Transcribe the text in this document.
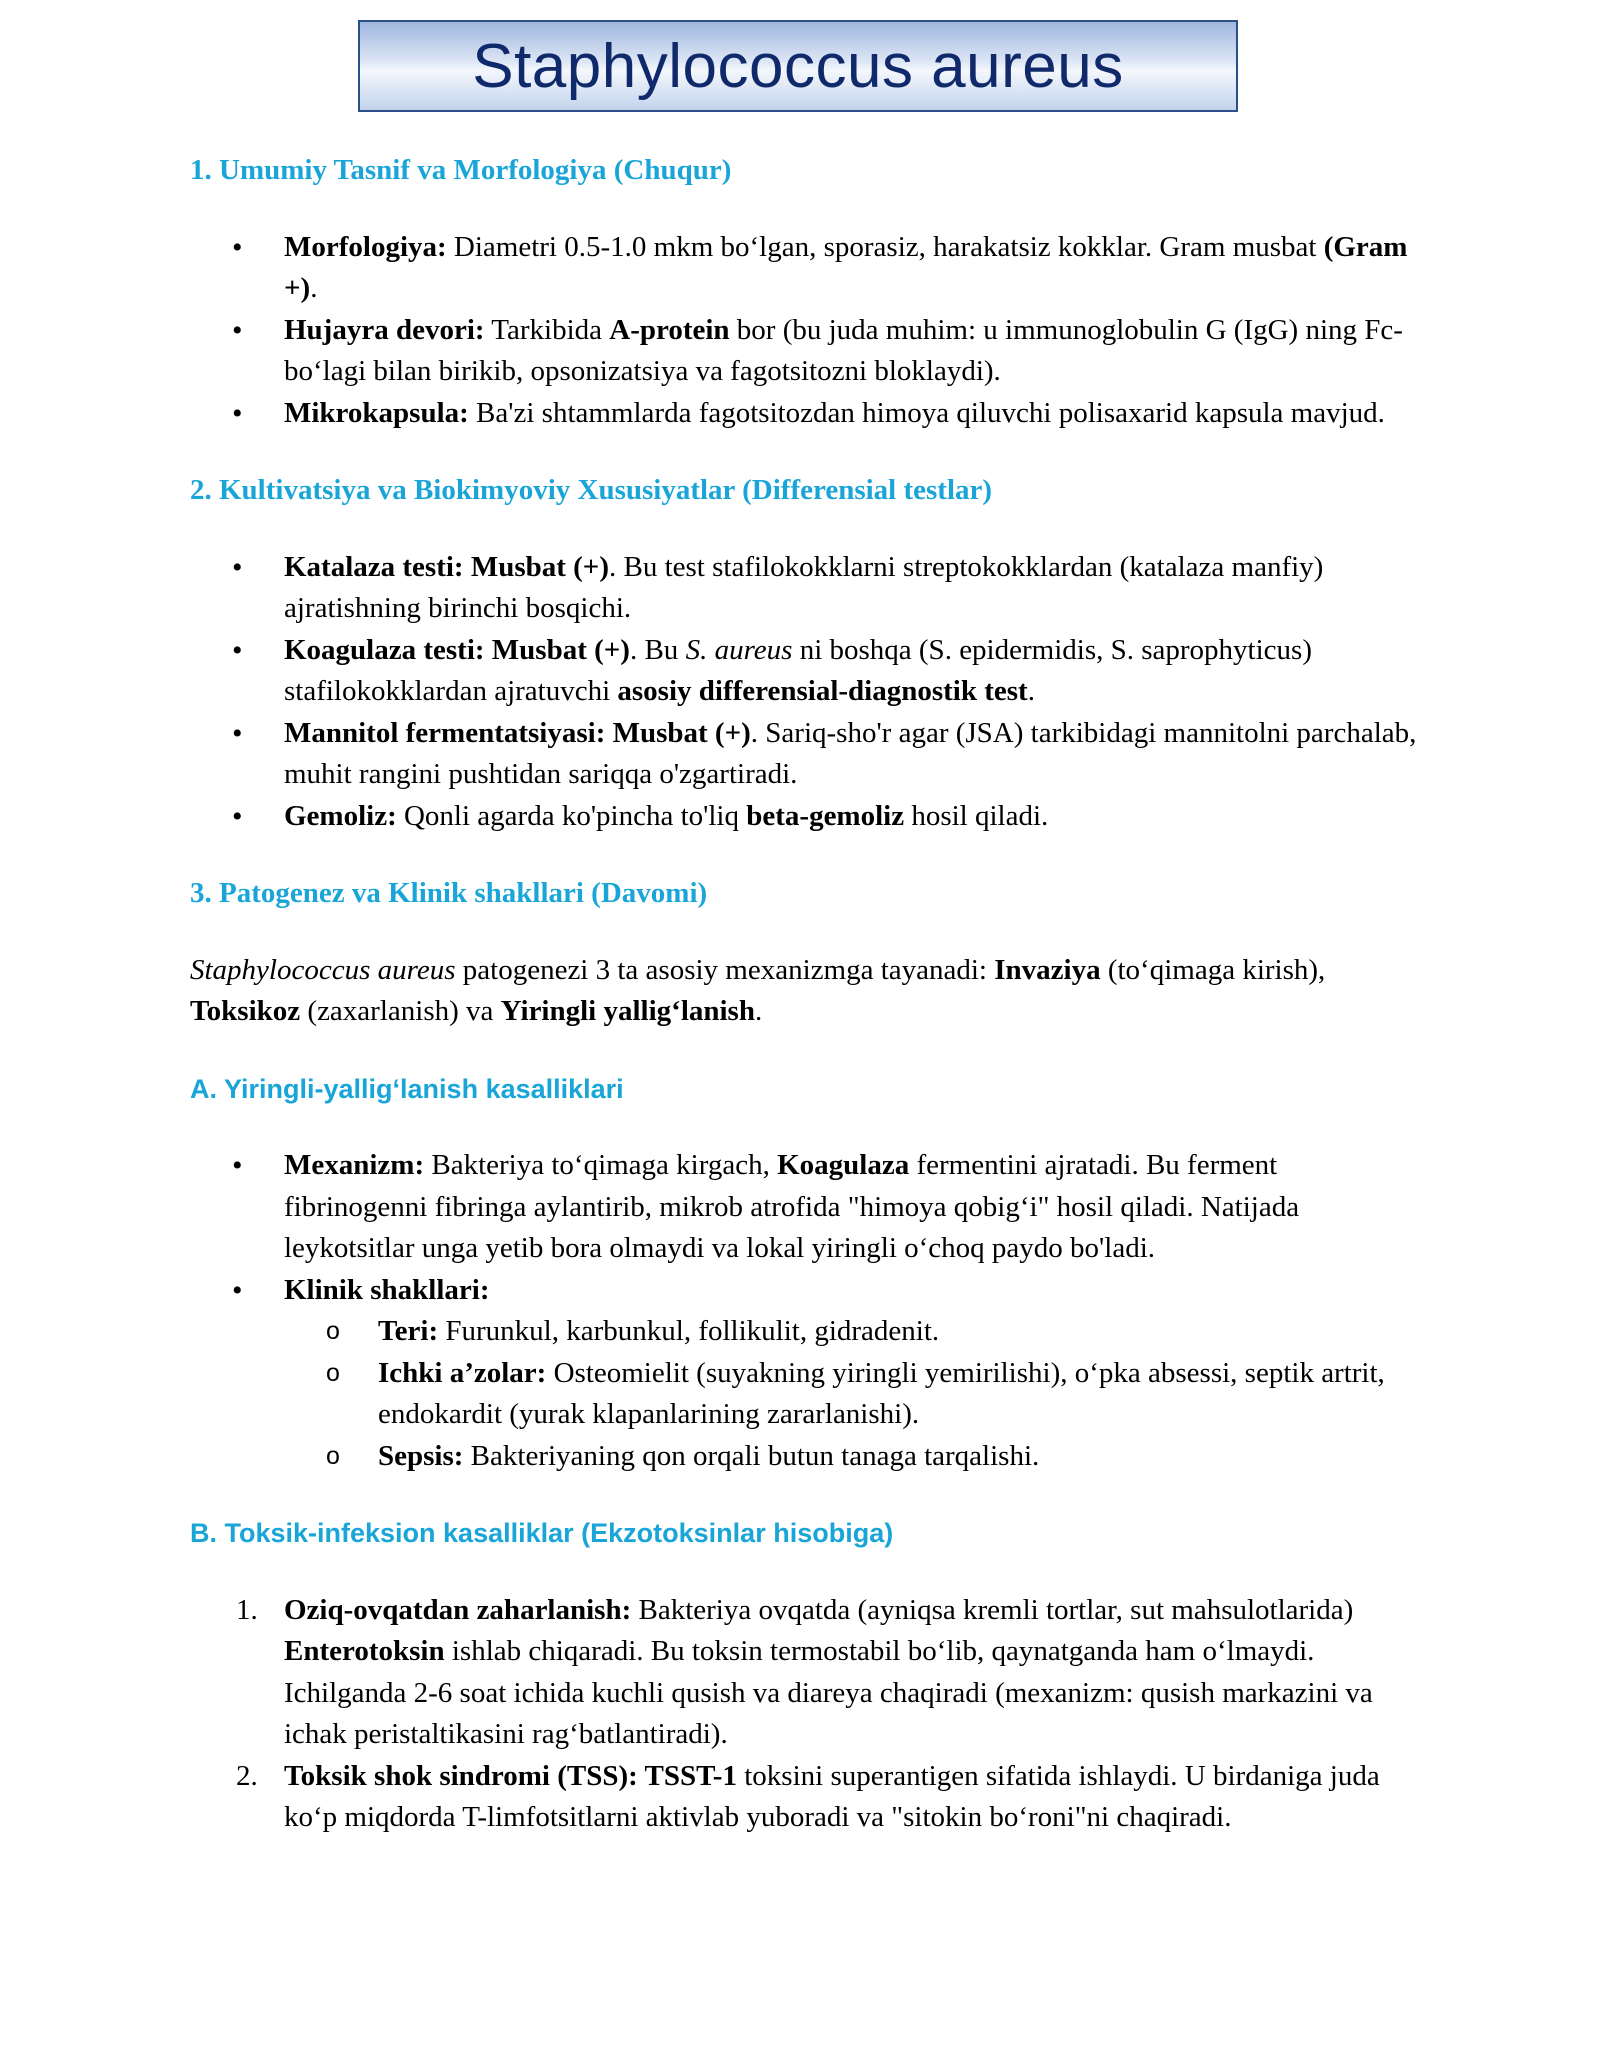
Staphylococcus aureus
1. Umumiy Tasnif va Morfologiya (Chuqur)
• Morfologiya: Diametri 0.5-1.0 mkm bo‘lgan, sporasiz, harakatsiz kokklar. Gram musbat (Gram +).
• Hujayra devori: Tarkibida A-protein bor (bu juda muhim: u immunoglobulin G (IgG) ning Fc-bo‘lagi bilan birikib, opsonizatsiya va fagotsitozni bloklaydi).
• Mikrokapsula: Ba'zi shtammlarda fagotsitozdan himoya qiluvchi polisaxarid kapsula mavjud.
2. Kultivatsiya va Biokimyoviy Xususiyatlar (Differensial testlar)
• Katalaza testi: Musbat (+). Bu test stafilokokklarni streptokokklardan (katalaza manfiy) ajratishning birinchi bosqichi.
• Koagulaza testi: Musbat (+). Bu S. aureus ni boshqa (S. epidermidis, S. saprophyticus) stafilokokklardan ajratuvchi asosiy differensial-diagnostik test.
• Mannitol fermentatsiyasi: Musbat (+). Sariq-sho'r agar (JSA) tarkibidagi mannitolni parchalab, muhit rangini pushtidan sariqqa o'zgartiradi.
• Gemoliz: Qonli agarda ko'pincha to'liq beta-gemoliz hosil qiladi.
3. Patogenez va Klinik shakllari (Davomi)

Staphylococcus aureus patogenezi 3 ta asosiy mexanizmga tayanadi: Invaziya (to‘qimaga kirish), Toksikoz (zaxarlanish) va Yiringli yallig‘lanish.

A. Yiringli-yallig‘lanish kasalliklari
• Mexanizm: Bakteriya to‘qimaga kirgach, Koagulaza fermentini ajratadi. Bu ferment fibrinogenni fibringa aylantirib, mikrob atrofida "himoya qobig‘i" hosil qiladi. Natijada leykotsitlar unga yetib bora olmaydi va lokal yiringli o‘choq paydo bo'ladi.
• Klinik shakllari:
o Teri: Furunkul, karbunkul, follikulit, gidradenit.
o Ichki a’zolar: Osteomielit (suyakning yiringli yemirilishi), o‘pka absessi, septik artrit, endokardit (yurak klapanlarining zararlanishi).
o Sepsis: Bakteriyaning qon orqali butun tanaga tarqalishi.
B. Toksik-infeksion kasalliklar (Ekzotoksinlar hisobiga)
1. Oziq-ovqatdan zaharlanish: Bakteriya ovqatda (ayniqsa kremli tortlar, sut mahsulotlarida) Enterotoksin ishlab chiqaradi. Bu toksin termostabil bo‘lib, qaynatganda ham o‘lmaydi. Ichilganda 2-6 soat ichida kuchli qusish va diareya chaqiradi (mexanizm: qusish markazini va ichak peristaltikasini rag‘batlantiradi).
2. Toksik shok sindromi (TSS): TSST-1 toksini superantigen sifatida ishlaydi. U birdaniga juda ko‘p miqdorda T-limfotsitlarni aktivlab yuboradi va "sitokin bo‘roni"ni chaqiradi.
